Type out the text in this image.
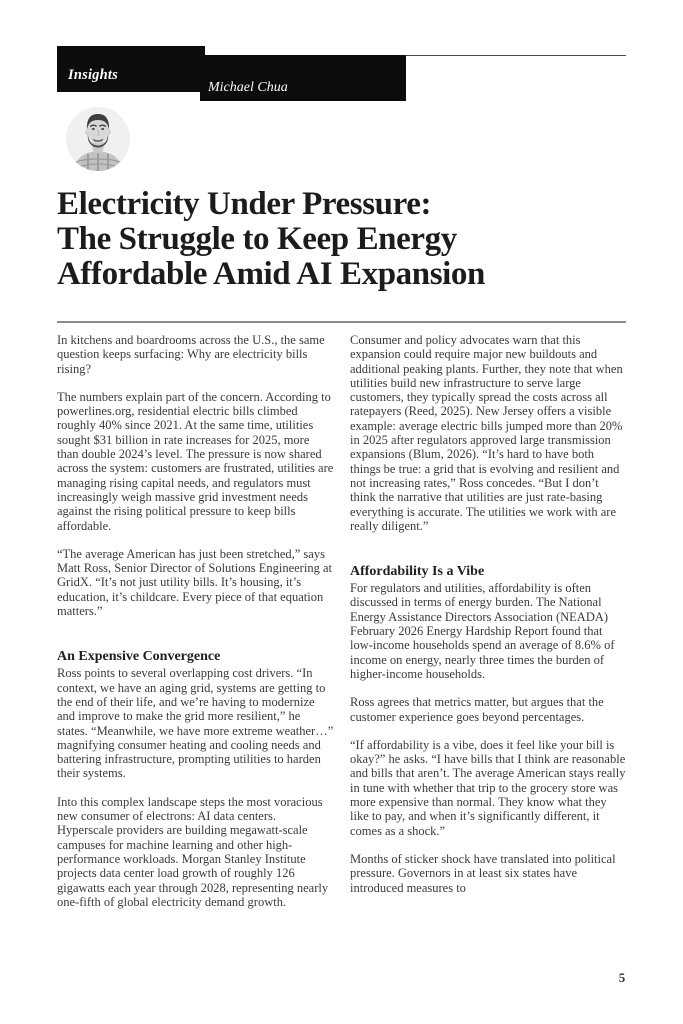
Insights
Michael Chua
Electricity Under Pressure:
The Struggle to Keep Energy
Affordable Amid AI Expansion

In kitchens and boardrooms across the U.S., the same question keeps surfacing: Why are electricity bills rising?

The numbers explain part of the concern. According to powerlines.org, residential electric bills climbed roughly 40% since 2021. At the same time, utilities sought $31 billion in rate increases for 2025, more than double 2024’s level. The pressure is now shared across the system: customers are frustrated, utilities are managing rising capital needs, and regulators must increasingly weigh massive grid investment needs against the rising political pressure to keep bills affordable.

“The average American has just been stretched,” says Matt Ross, Senior Director of Solutions Engineering at GridX. “It’s not just utility bills. It’s housing, it’s education, it’s childcare. Every piece of that equation matters.”

An Expensive Convergence

Ross points to several overlapping cost drivers. “In context, we have an aging grid, systems are getting to the end of their life, and we’re having to modernize and improve to make the grid more resilient,” he states. “Meanwhile, we have more extreme weather…” magnifying consumer heating and cooling needs and battering infrastructure, prompting utilities to harden their systems.

Into this complex landscape steps the most voracious new consumer of electrons: AI data centers. Hyperscale providers are building megawatt-scale campuses for machine learning and other high-performance workloads. Morgan Stanley Institute projects data center load growth of roughly 126 gigawatts each year through 2028, representing nearly one-fifth of global electricity demand growth.

Consumer and policy advocates warn that this expansion could require major new buildouts and additional peaking plants. Further, they note that when utilities build new infrastructure to serve large customers, they typically spread the costs across all ratepayers (Reed, 2025). New Jersey offers a visible example: average electric bills jumped more than 20% in 2025 after regulators approved large transmission expansions (Blum, 2026). “It’s hard to have both things be true: a grid that is evolving and resilient and not increasing rates,” Ross concedes. “But I don’t think the narrative that utilities are just rate-basing everything is accurate. The utilities we work with are really diligent.”

Affordability Is a Vibe

For regulators and utilities, affordability is often discussed in terms of energy burden. The National Energy Assistance Directors Association (NEADA) February 2026 Energy Hardship Report found that low-income households spend an average of 8.6% of income on energy, nearly three times the burden of higher-income households.

Ross agrees that metrics matter, but argues that the customer experience goes beyond percentages.

“If affordability is a vibe, does it feel like your bill is okay?” he asks. “I have bills that I think are reasonable and bills that aren’t. The average American stays really in tune with whether that trip to the grocery store was more expensive than normal. They know what they like to pay, and when it’s significantly different, it comes as a shock.”

Months of sticker shock have translated into political pressure. Governors in at least six states have introduced measures to

5
